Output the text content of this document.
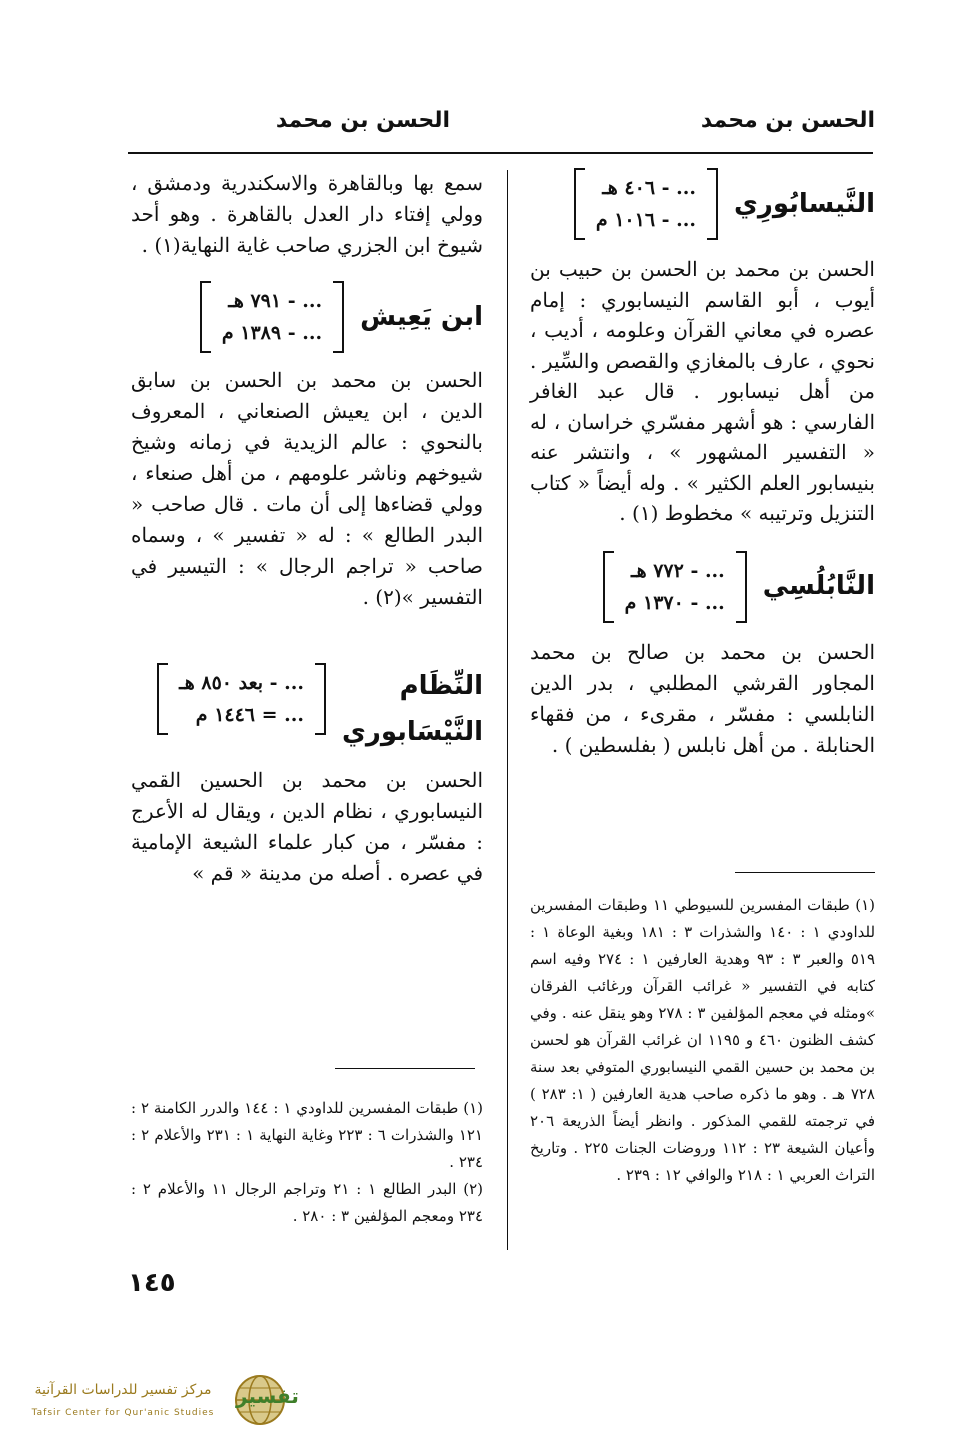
الحسن بن محمد
الحسن بن محمد
النَّيسابُورِي
... - ٤٠٦ هـ
... - ١٠١٦ م

الحسن بن محمد بن الحسن بن حبيب بن أيوب ، أبو القاسم النيسابوري : إمام عصره في معاني القرآن وعلومه ، أديب ، نحوي ، عارف بالمغازي والقصص والسِّير . من أهل نيسابور . قال عبد الغافر الفارسي : هو أشهر مفسّري خراسان ، له « التفسير المشهور » ، وانتشر عنه بنيسابور العلم الكثير » . وله أيضاً « كتاب التنزيل وترتيبه » مخطوط (١) .

النَّابُلُسِي
... - ٧٧٢ هـ
... - ١٣٧٠ م

الحسن بن محمد بن صالح بن محمد المجاور القرشي المطلبي ، بدر الدين النابلسي : مفسّر ، مقرىء ، من فقهاء الحنابلة . من أهل نابلس ( بفلسطين ) .

(١) طبقات المفسرين للسيوطي ١١ وطبقات المفسرين للداودي ١ : ١٤٠ والشذرات ٣ : ١٨١ وبغية الوعاة ١ : ٥١٩ والعبر ٣ : ٩٣ وهدية العارفين ١ : ٢٧٤ وفيه اسم كتابه في التفسير « غرائب القرآن ورغائب الفرقان »ومثله في معجم المؤلفين ٣ : ٢٧٨ وهو ينقل عنه . وفي كشف الظنون ٤٦٠ و ١١٩٥ ان غرائب القرآن هو لحسن بن محمد بن حسين القمي النيسابوري المتوفي بعد سنة ٧٢٨ هـ . وهو ما ذكره صاحب هدية العارفين ( ١: ٢٨٣ ) في ترجمته للقمي المذكور . وانظر أيضاً الذريعة ٢٠٦ وأعيان الشيعة ٢٣ : ١١٢ وروضات الجنات ٢٢٥ . وتاريخ التراث العربي ١ : ٢١٨ والوافي ١٢ : ٢٣٩ .

سمع بها وبالقاهرة والاسكندرية ودمشق ، وولي إفتاء دار العدل بالقاهرة . وهو أحد شيوخ ابن الجزري صاحب غاية النهاية(١) .

ابن يَعِيش
... - ٧٩١ هـ
... - ١٣٨٩ م

الحسن بن محمد بن الحسن بن سابق الدين ، ابن يعيش الصنعاني ، المعروف بالنحوي : عالم الزيدية في زمانه وشيخ شيوخهم وناشر علومهم ، من أهل صنعاء ، وولي قضاءها إلى أن مات . قال صاحب « البدر الطالع » : له « تفسير » ، وسماه صاحب « تراجم الرجال » : التيسير في التفسير »(٢) .

النِّظَام
النَّيْسَابوري
... - بعد ٨٥٠ هـ
... = ١٤٤٦ م

الحسن بن محمد بن الحسين القمي النيسابوري ، نظام الدين ، ويقال له الأعرج : مفسّر ، من كبار علماء الشيعة الإمامية في عصره . أصله من مدينة « قم »

(١) طبقات المفسرين للداودي ١ : ١٤٤ والدرر الكامنة ٢ : ١٢١ والشذرات ٦ : ٢٢٣ وغاية النهاية ١ : ٢٣١ والأعلام ٢ : ٢٣٤ .

(٢) البدر الطالع ١ : ٢١ وتراجم الرجال ١١ والأعلام ٢ : ٢٣٤ ومعجم المؤلفين ٣ : ٢٨٠ .

١٤٥
تفسير
مركز تفسير للدراسات القرآنية
Tafsir Center for Qur'anic Studies
